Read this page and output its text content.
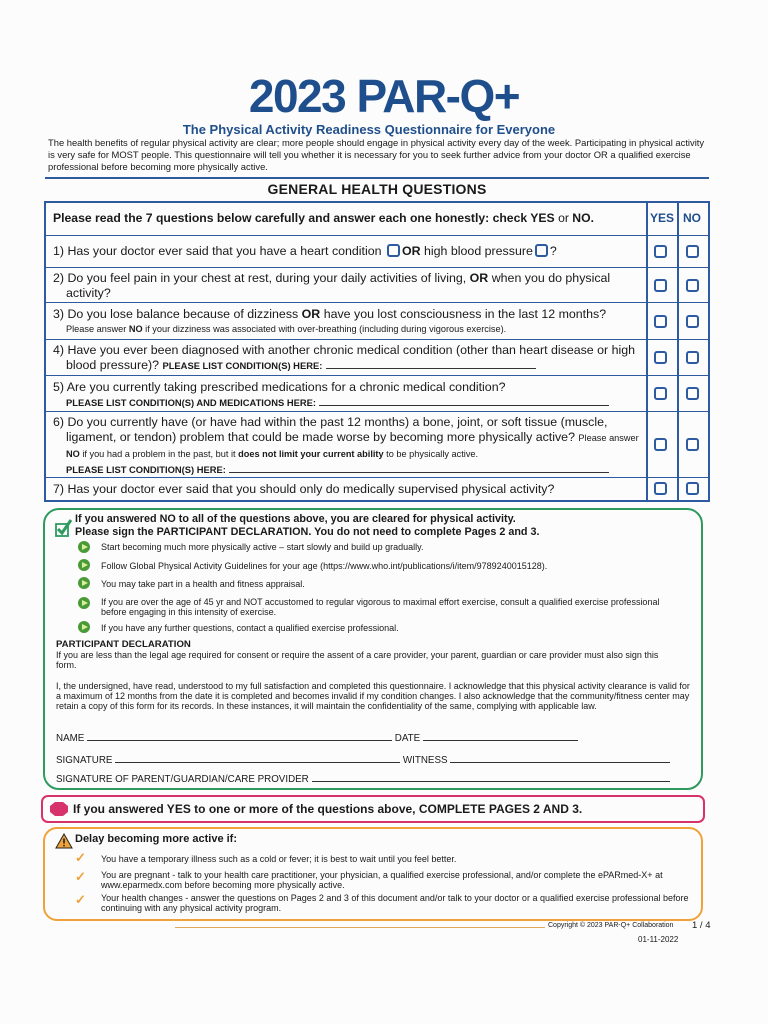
2023 PAR-Q+
The Physical Activity Readiness Questionnaire for Everyone
The health benefits of regular physical activity are clear; more people should engage in physical activity every day of the week. Participating in physical activity is very safe for MOST people. This questionnaire will tell you whether it is necessary for you to seek further advice from your doctor OR a qualified exercise professional before becoming more physically active.
GENERAL HEALTH QUESTIONS
Please read the 7 questions below carefully and answer each one honestly: check YES or NO.	YES NO
1) Has your doctor ever said that you have a heart condition OR high blood pressure ?
2) Do you feel pain in your chest at rest, during your daily activities of living, OR when you do physical activity?
3) Do you lose balance because of dizziness OR have you lost consciousness in the last 12 months?
Please answer NO if your dizziness was associated with over-breathing (including during vigorous exercise).
4) Have you ever been diagnosed with another chronic medical condition (other than heart disease or high blood pressure)? PLEASE LIST CONDITION(S) HERE:
5) Are you currently taking prescribed medications for a chronic medical condition?
PLEASE LIST CONDITION(S) AND MEDICATIONS HERE:
6) Do you currently have (or have had within the past 12 months) a bone, joint, or soft tissue (muscle, ligament, or tendon) problem that could be made worse by becoming more physically active? Please answer NO if you had a problem in the past, but it does not limit your current ability to be physically active.
PLEASE LIST CONDITION(S) HERE:
7) Has your doctor ever said that you should only do medically supervised physical activity?
If you answered NO to all of the questions above, you are cleared for physical activity.
Please sign the PARTICIPANT DECLARATION. You do not need to complete Pages 2 and 3.
Start becoming much more physically active – start slowly and build up gradually.
Follow Global Physical Activity Guidelines for your age (https://www.who.int/publications/i/item/9789240015128).
You may take part in a health and fitness appraisal.
If you are over the age of 45 yr and NOT accustomed to regular vigorous to maximal effort exercise, consult a qualified exercise professional before engaging in this intensity of exercise.
If you have any further questions, contact a qualified exercise professional.
PARTICIPANT DECLARATION
If you are less than the legal age required for consent or require the assent of a care provider, your parent, guardian or care provider must also sign this form.
I, the undersigned, have read, understood to my full satisfaction and completed this questionnaire. I acknowledge that this physical activity clearance is valid for a maximum of 12 months from the date it is completed and becomes invalid if my condition changes. I also acknowledge that the community/fitness center may retain a copy of this form for its records. In these instances, it will maintain the confidentiality of the same, complying with applicable law.
NAME	DATE
SIGNATURE	WITNESS
SIGNATURE OF PARENT/GUARDIAN/CARE PROVIDER
If you answered YES to one or more of the questions above, COMPLETE PAGES 2 AND 3.
Delay becoming more active if:
✓ You have a temporary illness such as a cold or fever; it is best to wait until you feel better.
✓ You are pregnant - talk to your health care practitioner, your physician, a qualified exercise professional, and/or complete the ePARmed-X+ at www.eparmedx.com before becoming more physically active.
✓ Your health changes - answer the questions on Pages 2 and 3 of this document and/or talk to your doctor or a qualified exercise professional before continuing with any physical activity program.
Copyright © 2023 PAR-Q+ Collaboration 1 / 4
01-11-2022
